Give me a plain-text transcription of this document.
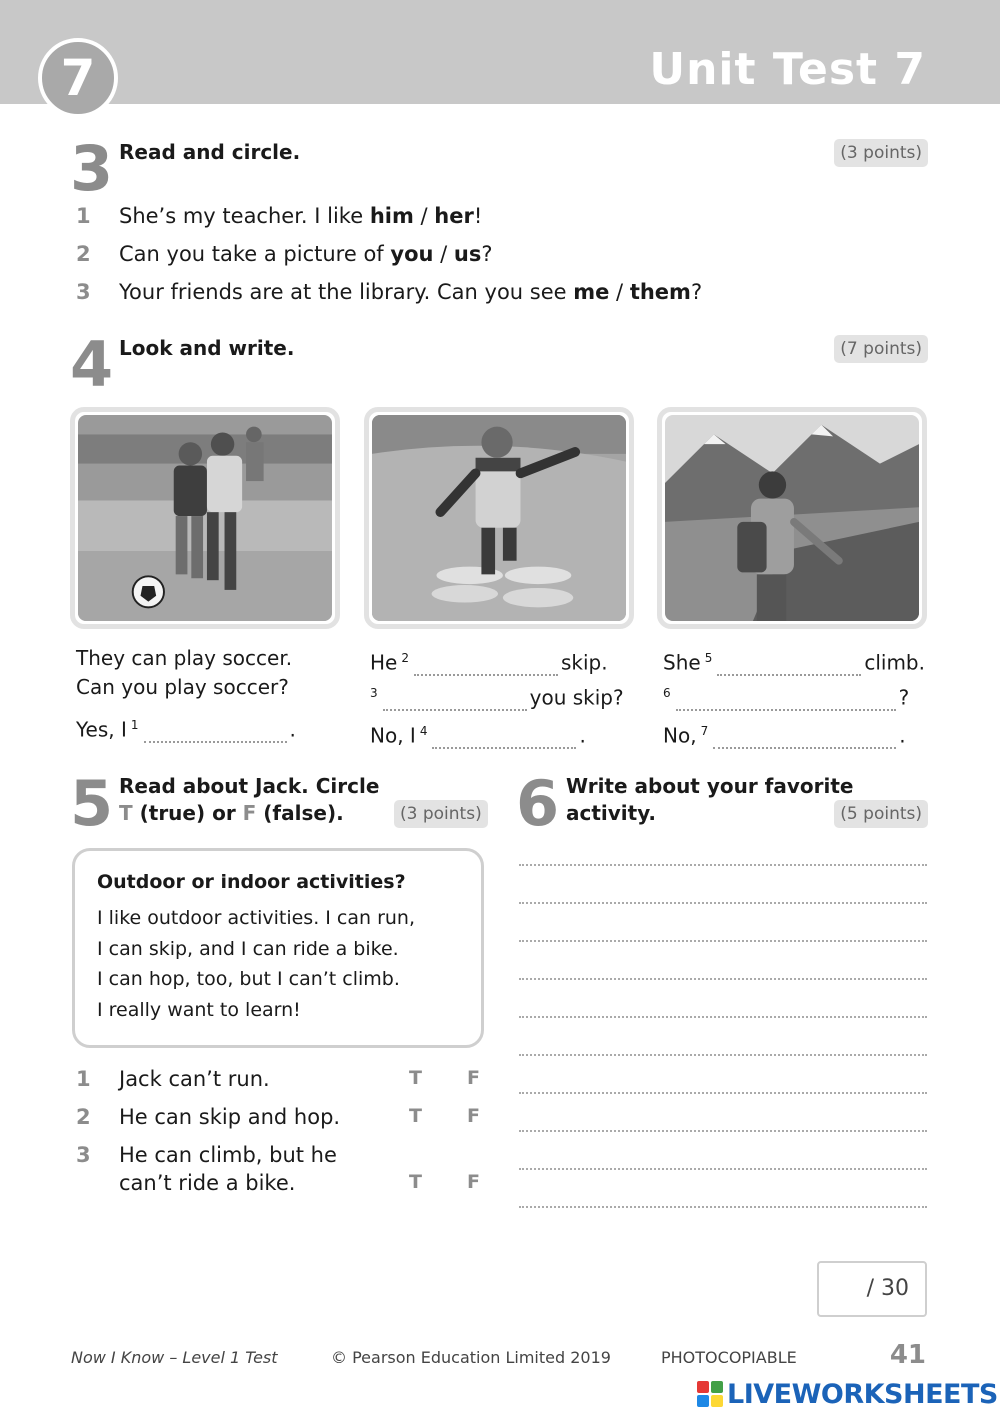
7	Unit Test 7
3 Read and circle.	(3 points)
1 She’s my teacher. I like him / her!
2 Can you take a picture of you / us?
3 Your friends are at the library. Can you see me / them?
4 Look and write.	(7 points)
They can play soccer.
Can you play soccer?
Yes, I $^1$	.
He $^2$	skip.
$^3$	you skip?
No, I $^4$	.
She $^5$	climb.
$^6$	?
No, $^7$	.
5 Read about Jack. Circle
T (true) or F (false).	(3 points)
Outdoor or indoor activities?
I like outdoor activities. I can run,
I can skip, and I can ride a bike.
I can hop, too, but I can’t climb.
I really want to learn!
1 Jack can’t run.	T F
2 He can skip and hop.	T F
3 He can climb, but he
can’t ride a bike.	T F
6 Write about your favorite
activity.	(5 points)
/ 30
Now I Know – Level 1 Test	© Pearson Education Limited 2019	PHOTOCOPIABLE	41
LIVEWORKSHEETS
